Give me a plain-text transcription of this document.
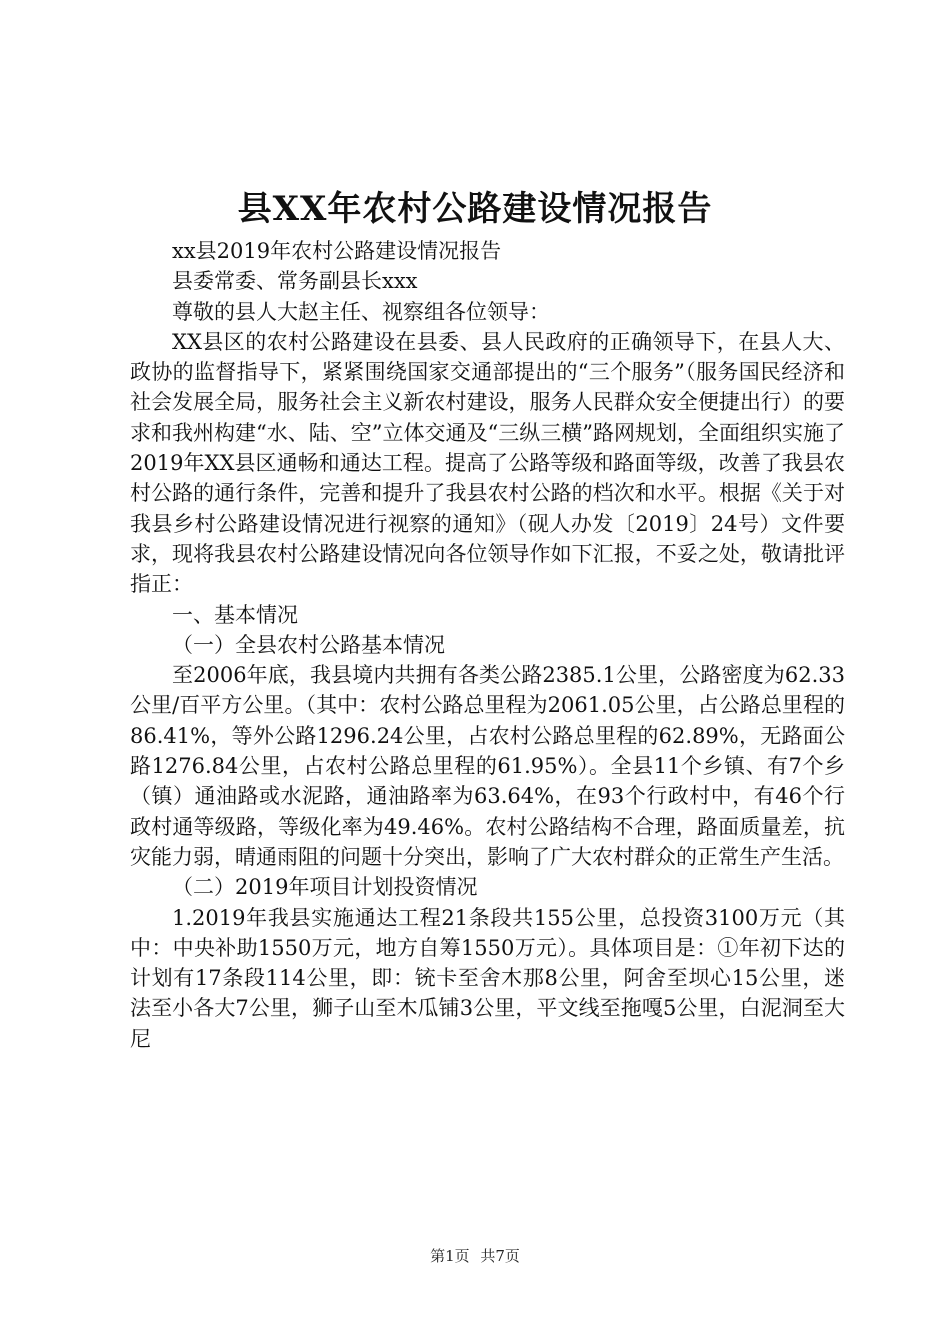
县XX年农村公路建设情况报告

xx县2019年农村公路建设情况报告

县委常委、常务副县长xxx

尊敬的县人大赵主任、视察组各位领导：

XX县区的农村公路建设在县委、县人民政府的正确领导下，在县人大、政协的监督指导下，紧紧围绕国家交通部提出的“三个服务”（服务国民经济和社会发展全局，服务社会主义新农村建设，服务人民群众安全便捷出行）的要求和我州构建“水、陆、空”立体交通及“三纵三横”路网规划，全面组织实施了2019年XX县区通畅和通达工程。提高了公路等级和路面等级，改善了我县农村公路的通行条件，完善和提升了我县农村公路的档次和水平。根据《关于对我县乡村公路建设情况进行视察的通知》（砚人办发〔2019〕24号）文件要求，现将我县农村公路建设情况向各位领导作如下汇报，不妥之处，敬请批评指正：

一、基本情况

（一）全县农村公路基本情况

至2006年底，我县境内共拥有各类公路2385.1公里，公路密度为62.33公里/百平方公里。（其中：农村公路总里程为2061.05公里，占公路总里程的86.41%，等外公路1296.24公里，占农村公路总里程的62.89%，无路面公路1276.84公里，占农村公路总里程的61.95%）。全县11个乡镇、有7个乡（镇）通油路或水泥路，通油路率为63.64%，在93个行政村中，有46个行政村通等级路，等级化率为49.46%。农村公路结构不合理，路面质量差，抗灾能力弱，晴通雨阻的问题十分突出，影响了广大农村群众的正常生产生活。

（二）2019年项目计划投资情况

1.2019年我县实施通达工程21条段共155公里，总投资3100万元（其中：中央补助1550万元，地方自筹1550万元）。具体项目是：①年初下达的计划有17条段114公里，即：铳卡至舍木那8公里，阿舍至坝心15公里，迷法至小各大7公里，狮子山至木瓜铺3公里，平文线至拖嘎5公里，白泥洞至大尼

第1页 共7页
